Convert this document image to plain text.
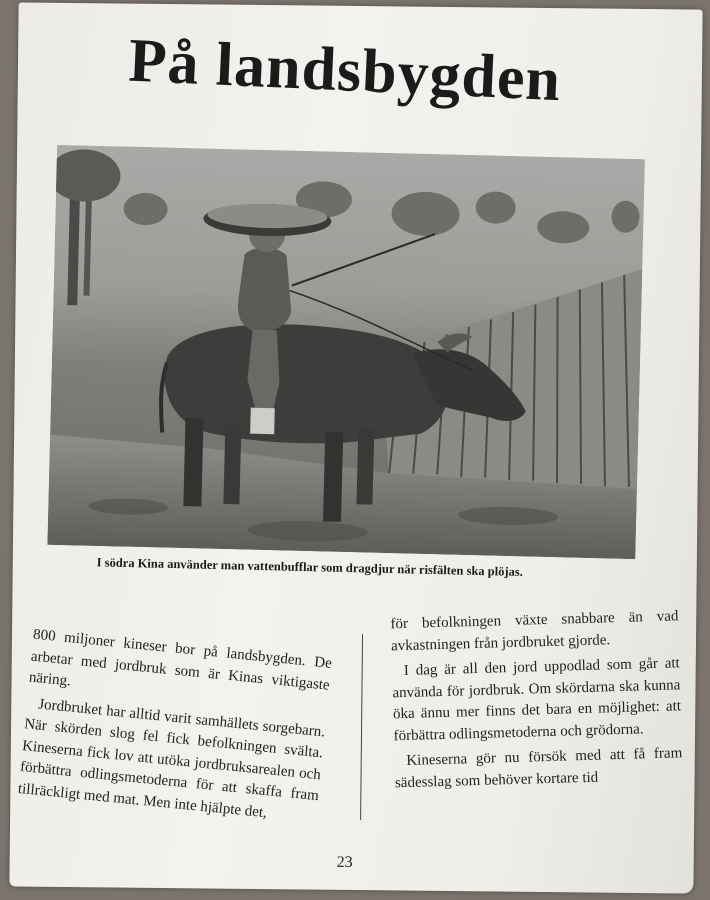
På landsbygden
I södra Kina använder man vattenbufflar som dragdjur när risfälten ska plöjas.

800 miljoner kineser bor på landsbygden. De arbetar med jordbruk som är Kinas viktigaste näring.

Jordbruket har alltid varit samhällets sorgebarn. När skörden slog fel fick befolkningen svälta. Kineserna fick lov att utöka jordbruksarealen och förbättra odlingsmetoderna för att skaffa fram tillräckligt med mat. Men inte hjälpte det,

för befolkningen växte snabbare än vad avkastningen från jordbruket gjorde.

I dag är all den jord uppodlad som går att använda för jordbruk. Om skördarna ska kunna öka ännu mer finns det bara en möjlighet: att förbättra odlingsmetoderna och grödorna.

Kineserna gör nu försök med att få fram sädesslag som behöver kortare tid

23
